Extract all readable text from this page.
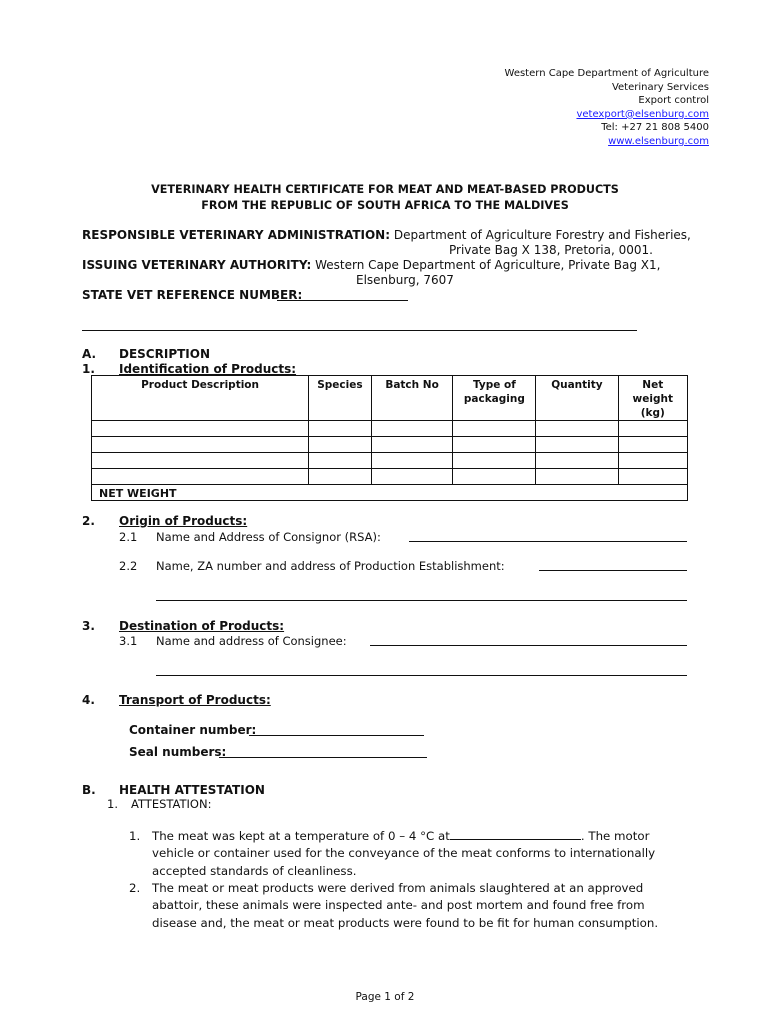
Western Cape Department of Agriculture
Veterinary Services
Export control
vetexport@elsenburg.com
Tel: +27 21 808 5400
www.elsenburg.com
VETERINARY HEALTH CERTIFICATE FOR MEAT AND MEAT-BASED PRODUCTS
FROM THE REPUBLIC OF SOUTH AFRICA TO THE MALDIVES
RESPONSIBLE VETERINARY ADMINISTRATION: Department of Agriculture Forestry and Fisheries,
Private Bag X 138, Pretoria, 0001.
ISSUING VETERINARY AUTHORITY: Western Cape Department of Agriculture, Private Bag X1,
Elsenburg, 7607
STATE VET REFERENCE NUMBER:
A. DESCRIPTION
1. Identification of Products:
Product Description	Species	Batch No	Type of packaging	Quantity	Net weight (kg)

NET WEIGHT					
2. Origin of Products:
2.1 Name and Address of Consignor (RSA):
2.2 Name, ZA number and address of Production Establishment:
3. Destination of Products:
3.1 Name and address of Consignee:
4. Transport of Products:
Container number:
Seal numbers:
B. HEALTH ATTESTATION
1. ATTESTATION:
1. The meat was kept at a temperature of 0 – 4 °C at	. The motor
vehicle or container used for the conveyance of the meat conforms to internationally
accepted standards of cleanliness.
2. The meat or meat products were derived from animals slaughtered at an approved
abattoir, these animals were inspected ante- and post mortem and found free from
disease and, the meat or meat products were found to be fit for human consumption.
Page 1 of 2
